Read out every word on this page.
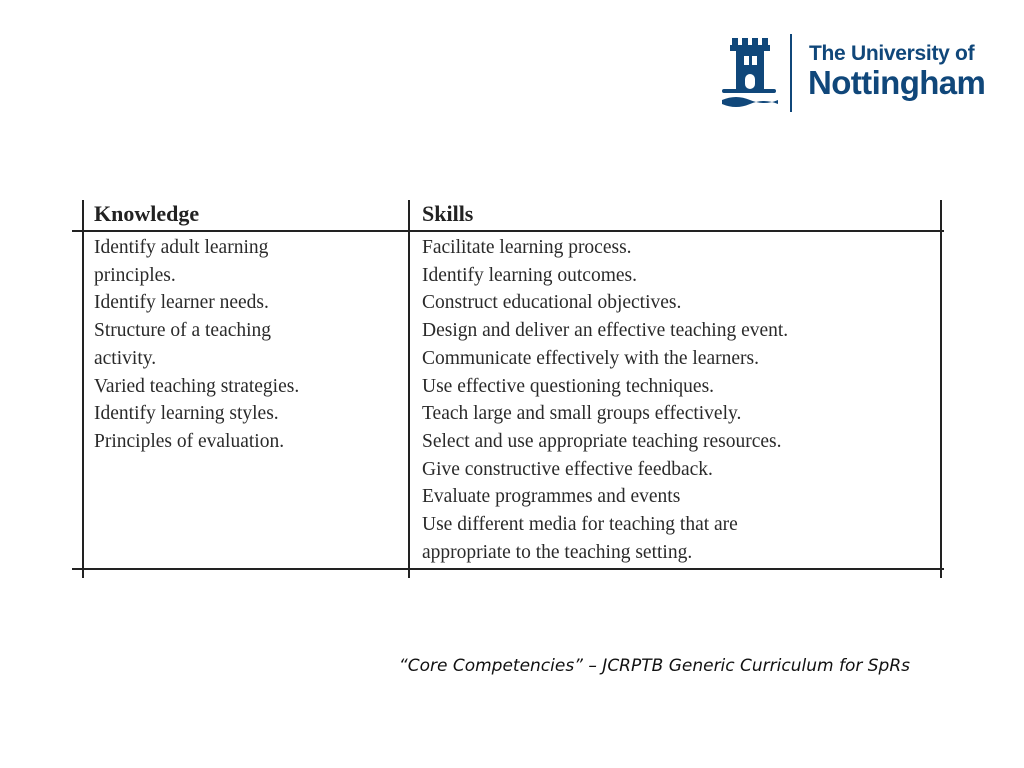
The University of
Nottingham
Knowledge	Skills
Identify adult learning
principles.
Identify learner needs.
Structure of a teaching
activity.
Varied teaching strategies.
Identify learning styles.
Principles of evaluation.
Facilitate learning process.
Identify learning outcomes.
Construct educational objectives.
Design and deliver an effective teaching event.
Communicate effectively with the learners.
Use effective questioning techniques.
Teach large and small groups effectively.
Select and use appropriate teaching resources.
Give constructive effective feedback.
Evaluate programmes and events
Use different media for teaching that are
appropriate to the teaching setting.
“Core Competencies” – JCRPTB Generic Curriculum for SpRs
